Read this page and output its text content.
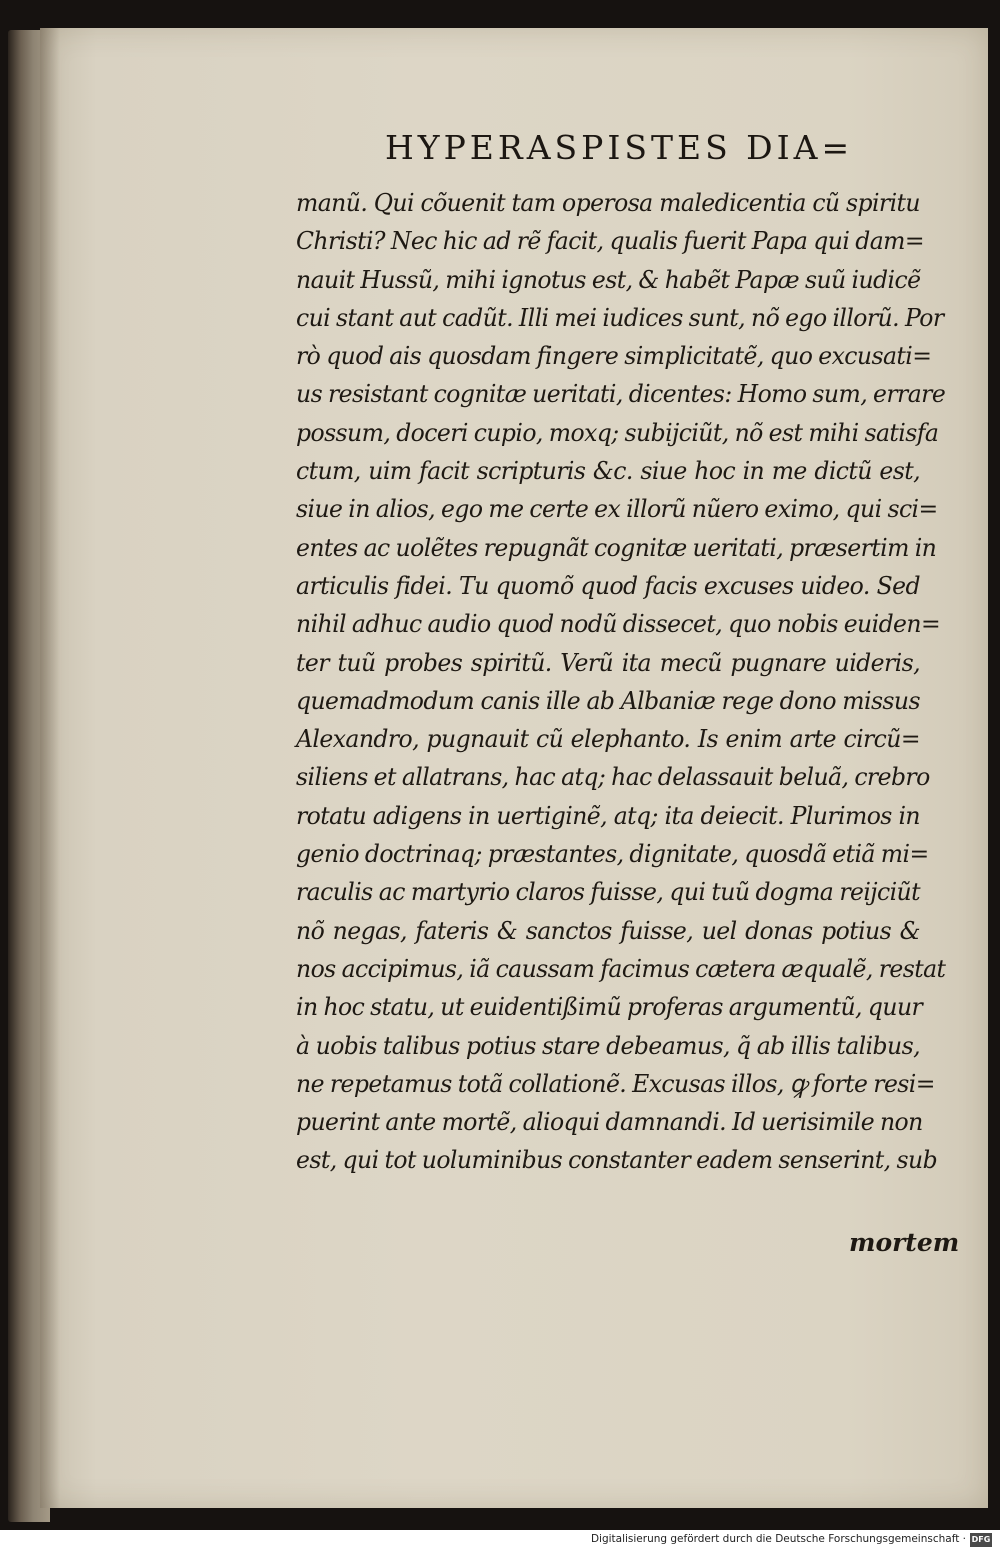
HYPERASPISTES DIA=
manũ. Qui cõuenit tam operosa maledicentia cũ spiritu
Christi? Nec hic ad rẽ facit, qualis fuerit Papa qui dam=
nauit Hussũ, mihi ignotus est, & habẽt Papæ suũ iudicẽ
cui stant aut cadũt. Illi mei iudices sunt, nõ ego illorũ. Por
rò quod ais quosdam fingere simplicitatẽ, quo excusati=
us resistant cognitæ ueritati, dicentes: Homo sum, errare
possum, doceri cupio, moxq; subijciũt, nõ est mihi satisfa
ctum, uim facit scripturis &c. siue hoc in me dictũ est,
siue in alios, ego me certe ex illorũ nũero eximo, qui sci=
entes ac uolẽtes repugnãt cognitæ ueritati, præsertim in
articulis fidei. Tu quomõ quod facis excuses uideo. Sed
nihil adhuc audio quod nodũ dissecet, quo nobis euiden=
ter tuũ probes spiritũ. Verũ ita mecũ pugnare uideris,
quemadmodum canis ille ab Albaniæ rege dono missus
Alexandro, pugnauit cũ elephanto. Is enim arte circũ=
siliens et allatrans, hac atq; hac delassauit beluã, crebro
rotatu adigens in uertiginẽ, atq; ita deiecit. Plurimos in
genio doctrinaq; præstantes, dignitate, quosdã etiã mi=
raculis ac martyrio claros fuisse, qui tuũ dogma reijciũt
nõ negas, fateris & sanctos fuisse, uel donas potius &
nos accipimus, iã caussam facimus cætera æqualẽ, restat
in hoc statu, ut euidentißimũ proferas argumentũ, quur
à uobis talibus potius stare debeamus, q̃ ab illis talibus,
ne repetamus totã collationẽ. Excusas illos, ꝙ forte resi=
puerint ante mortẽ, alioqui damnandi. Id uerisimile non
est, qui tot uoluminibus constanter eadem senserint, sub
mortem
Digitalisierung gefördert durch die Deutsche Forschungsgemeinschaft · DFG
